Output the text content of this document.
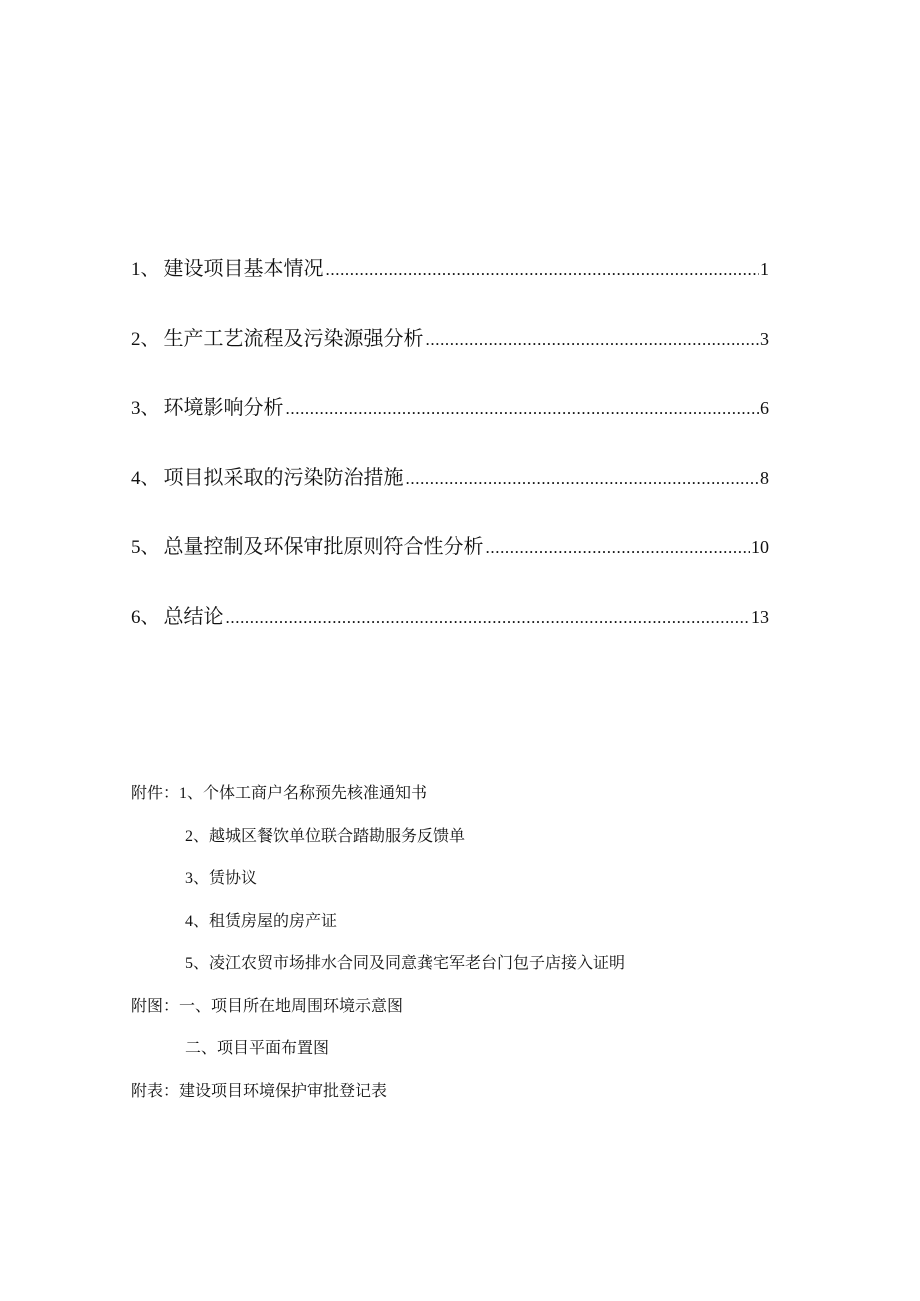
1、 建设项目基本情况 .....	1
2、 生产工艺流程及污染源强分析 .....	3
3、 环境影响分析 .....	6
4、 项目拟采取的污染防治措施 .....	8
5、 总量控制及环保审批原则符合性分析 .....	10
6、 总结论 .....	13
附件：1、个体工商户名称预先核准通知书
2、越城区餐饮单位联合踏勘服务反馈单
3、赁协议
4、租赁房屋的房产证
5、凌江农贸市场排水合同及同意龚宅军老台门包子店接入证明
附图：一、项目所在地周围环境示意图
二、项目平面布置图
附表：建设项目环境保护审批登记表
